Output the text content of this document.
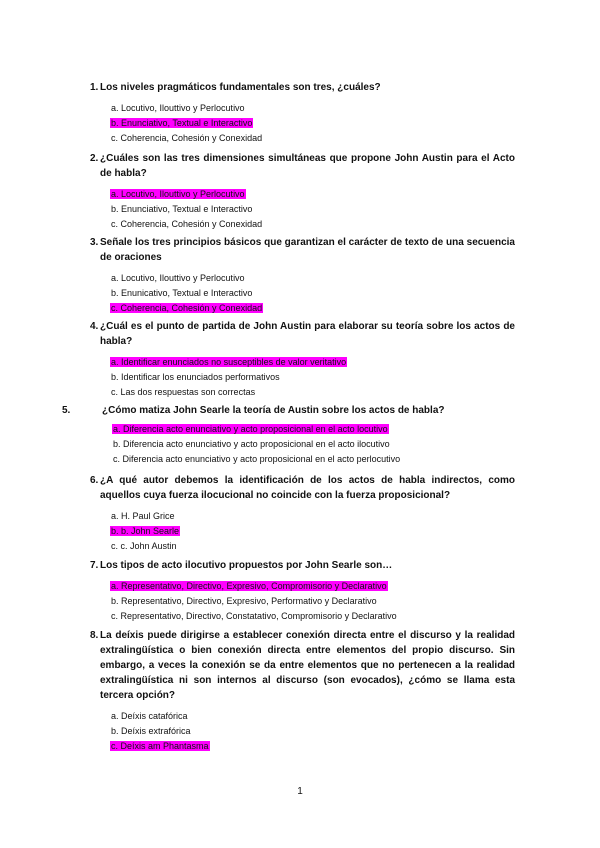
1. Los niveles pragmáticos fundamentales son tres, ¿cuáles?
a. Locutivo, Ilouttivo y Perlocutivo
b. Enunciativo, Textual e Interactivo
c. Coherencia, Cohesión y Conexidad
2. ¿Cuáles son las tres dimensiones simultáneas que propone John Austin para el Acto de habla?
a. Locutivo, Ilouttivo y Perlocutivo
b. Enunciativo, Textual e Interactivo
c. Coherencia, Cohesión y Conexidad
3. Señale los tres principios básicos que garantizan el carácter de texto de una secuencia de oraciones
a. Locutivo, Ilouttivo y Perlocutivo
b. Enunicativo, Textual e Interactivo
c. Coherencia, Cohesión y Conexidad
4. ¿Cuál es el punto de partida de John Austin para elaborar su teoría sobre los actos de habla?
a. Identificar enunciados no susceptibles de valor veritativo
b. Identificar los enunciados performativos
c. Las dos respuestas son correctas
5.	¿Cómo matiza John Searle la teoría de Austin sobre los actos de habla?
a. Diferencia acto enunciativo y acto proposicional en el acto locutivo
b. Diferencia acto enunciativo y acto proposicional en el acto ilocutivo
c. Diferencia acto enunciativo y acto proposicional en el acto perlocutivo
6. ¿A qué autor debemos la identificación de los actos de habla indirectos, como aquellos cuya fuerza ilocucional no coincide con la fuerza proposicional?
a. H. Paul Grice
b. b. John Searle
c. c. John Austin
7. Los tipos de acto ilocutivo propuestos por John Searle son…
a. Representativo, Directivo, Expresivo, Compromisorio y Declarativo
b. Representativo, Directivo, Expresivo, Performativo y Declarativo
c. Representativo, Directivo, Constatativo, Compromisorio y Declarativo
8. La deíxis puede dirigirse a establecer conexión directa entre el discurso y la realidad extralingüística o bien conexión directa entre elementos del propio discurso. Sin embargo, a veces la conexión se da entre elementos que no pertenecen a la realidad extralingüística ni son internos al discurso (son evocados), ¿cómo se llama esta tercera opción?
a. Deíxis catafórica
b. Deíxis extrafórica
c. Deíxis am Phantasma
1
